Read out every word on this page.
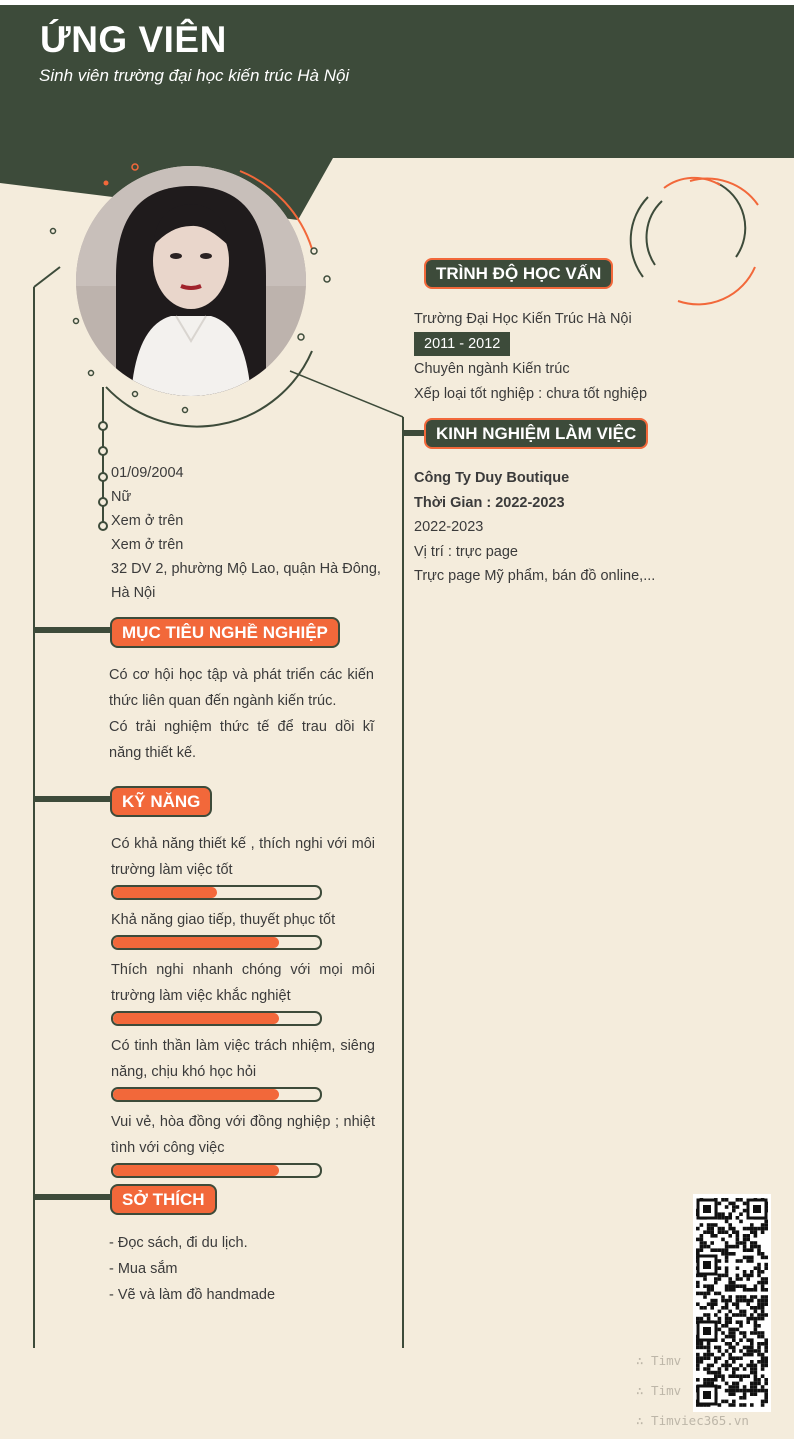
ỨNG VIÊN
Sinh viên trường đại học kiến trúc Hà Nội
01/09/2004
Nữ
Xem ở trên
Xem ở trên
32 DV 2, phường Mộ Lao, quận Hà Đông, Hà Nội
MỤC TIÊU NGHỀ NGHIỆP
Có cơ hội học tập và phát triển các kiến thức liên quan đến ngành kiến trúc.
Có trải nghiệm thức tế để trau dồi kĩ năng thiết kế.
KỸ NĂNG
Có khả năng thiết kế , thích nghi với môi trường làm việc tốt
Khả năng giao tiếp, thuyết phục tốt
Thích nghi nhanh chóng với mọi môi trường làm việc khắc nghiệt
Có tinh thần làm việc trách nhiệm, siêng năng, chịu khó học hỏi
Vui vẻ, hòa đồng với đồng nghiệp ; nhiệt tình với công việc
SỞ THÍCH
- Đọc sách, đi du lịch.
- Mua sắm
- Vẽ và làm đồ handmade
TRÌNH ĐỘ HỌC VẤN
Trường Đại Học Kiến Trúc Hà Nội
2011 - 2012
Chuyên ngành Kiến trúc
Xếp loại tốt nghiệp : chưa tốt nghiệp
KINH NGHIỆM LÀM VIỆC
Công Ty Duy Boutique
Thời Gian : 2022-2023
2022-2023
Vị trí : trực page
Trực page Mỹ phẩm, bán đồ online,...
∴ Timv
∴ Timv
∴ Timviec365.vn
